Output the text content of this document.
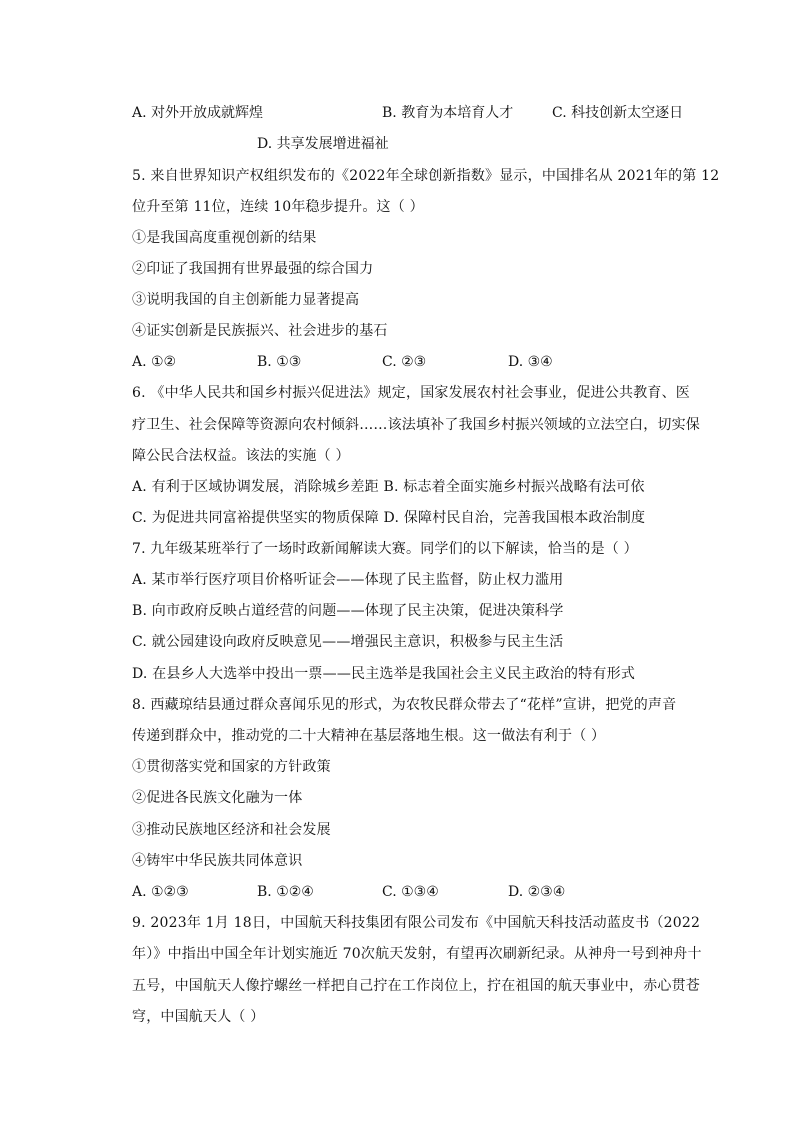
A. 对外开放成就辉煌	B. 教育为本培育人才	C. 科技创新太空逐日
D. 共享发展增进福祉
5. 来自世界知识产权组织发布的《2022年全球创新指数》显示，中国排名从 2021年的第 12
位升至第 11位，连续 10年稳步提升。这（ ）
①是我国高度重视创新的结果
②印证了我国拥有世界最强的综合国力
③说明我国的自主创新能力显著提高
④证实创新是民族振兴、社会进步的基石
A. ①②	B. ①③	C. ②③	D. ③④
6. 《中华人民共和国乡村振兴促进法》规定，国家发展农村社会事业，促进公共教育、医
疗卫生、社会保障等资源向农村倾斜……该法填补了我国乡村振兴领域的立法空白，切实保
障公民合法权益。该法的实施（ ）
A. 有利于区域协调发展，消除城乡差距 B. 标志着全面实施乡村振兴战略有法可依
C. 为促进共同富裕提供坚实的物质保障 D. 保障村民自治，完善我国根本政治制度
7. 九年级某班举行了一场时政新闻解读大赛。同学们的以下解读，恰当的是（ ）
A. 某市举行医疗项目价格听证会——体现了民主监督，防止权力滥用
B. 向市政府反映占道经营的问题——体现了民主决策，促进决策科学
C. 就公园建设向政府反映意见——增强民主意识，积极参与民主生活
D. 在县乡人大选举中投出一票——民主选举是我国社会主义民主政治的特有形式
8. 西藏琼结县通过群众喜闻乐见的形式，为农牧民群众带去了“花样”宣讲，把党的声音
传递到群众中，推动党的二十大精神在基层落地生根。这一做法有利于（ ）
①贯彻落实党和国家的方针政策
②促进各民族文化融为一体
③推动民族地区经济和社会发展
④铸牢中华民族共同体意识
A. ①②③	B. ①②④	C. ①③④	D. ②③④
9. 2023年 1月 18日，中国航天科技集团有限公司发布《中国航天科技活动蓝皮书（2022
年）》中指出中国全年计划实施近 70次航天发射，有望再次刷新纪录。从神舟一号到神舟十
五号，中国航天人像拧螺丝一样把自己拧在工作岗位上，拧在祖国的航天事业中，赤心贯苍
穹，中国航天人（ ）
